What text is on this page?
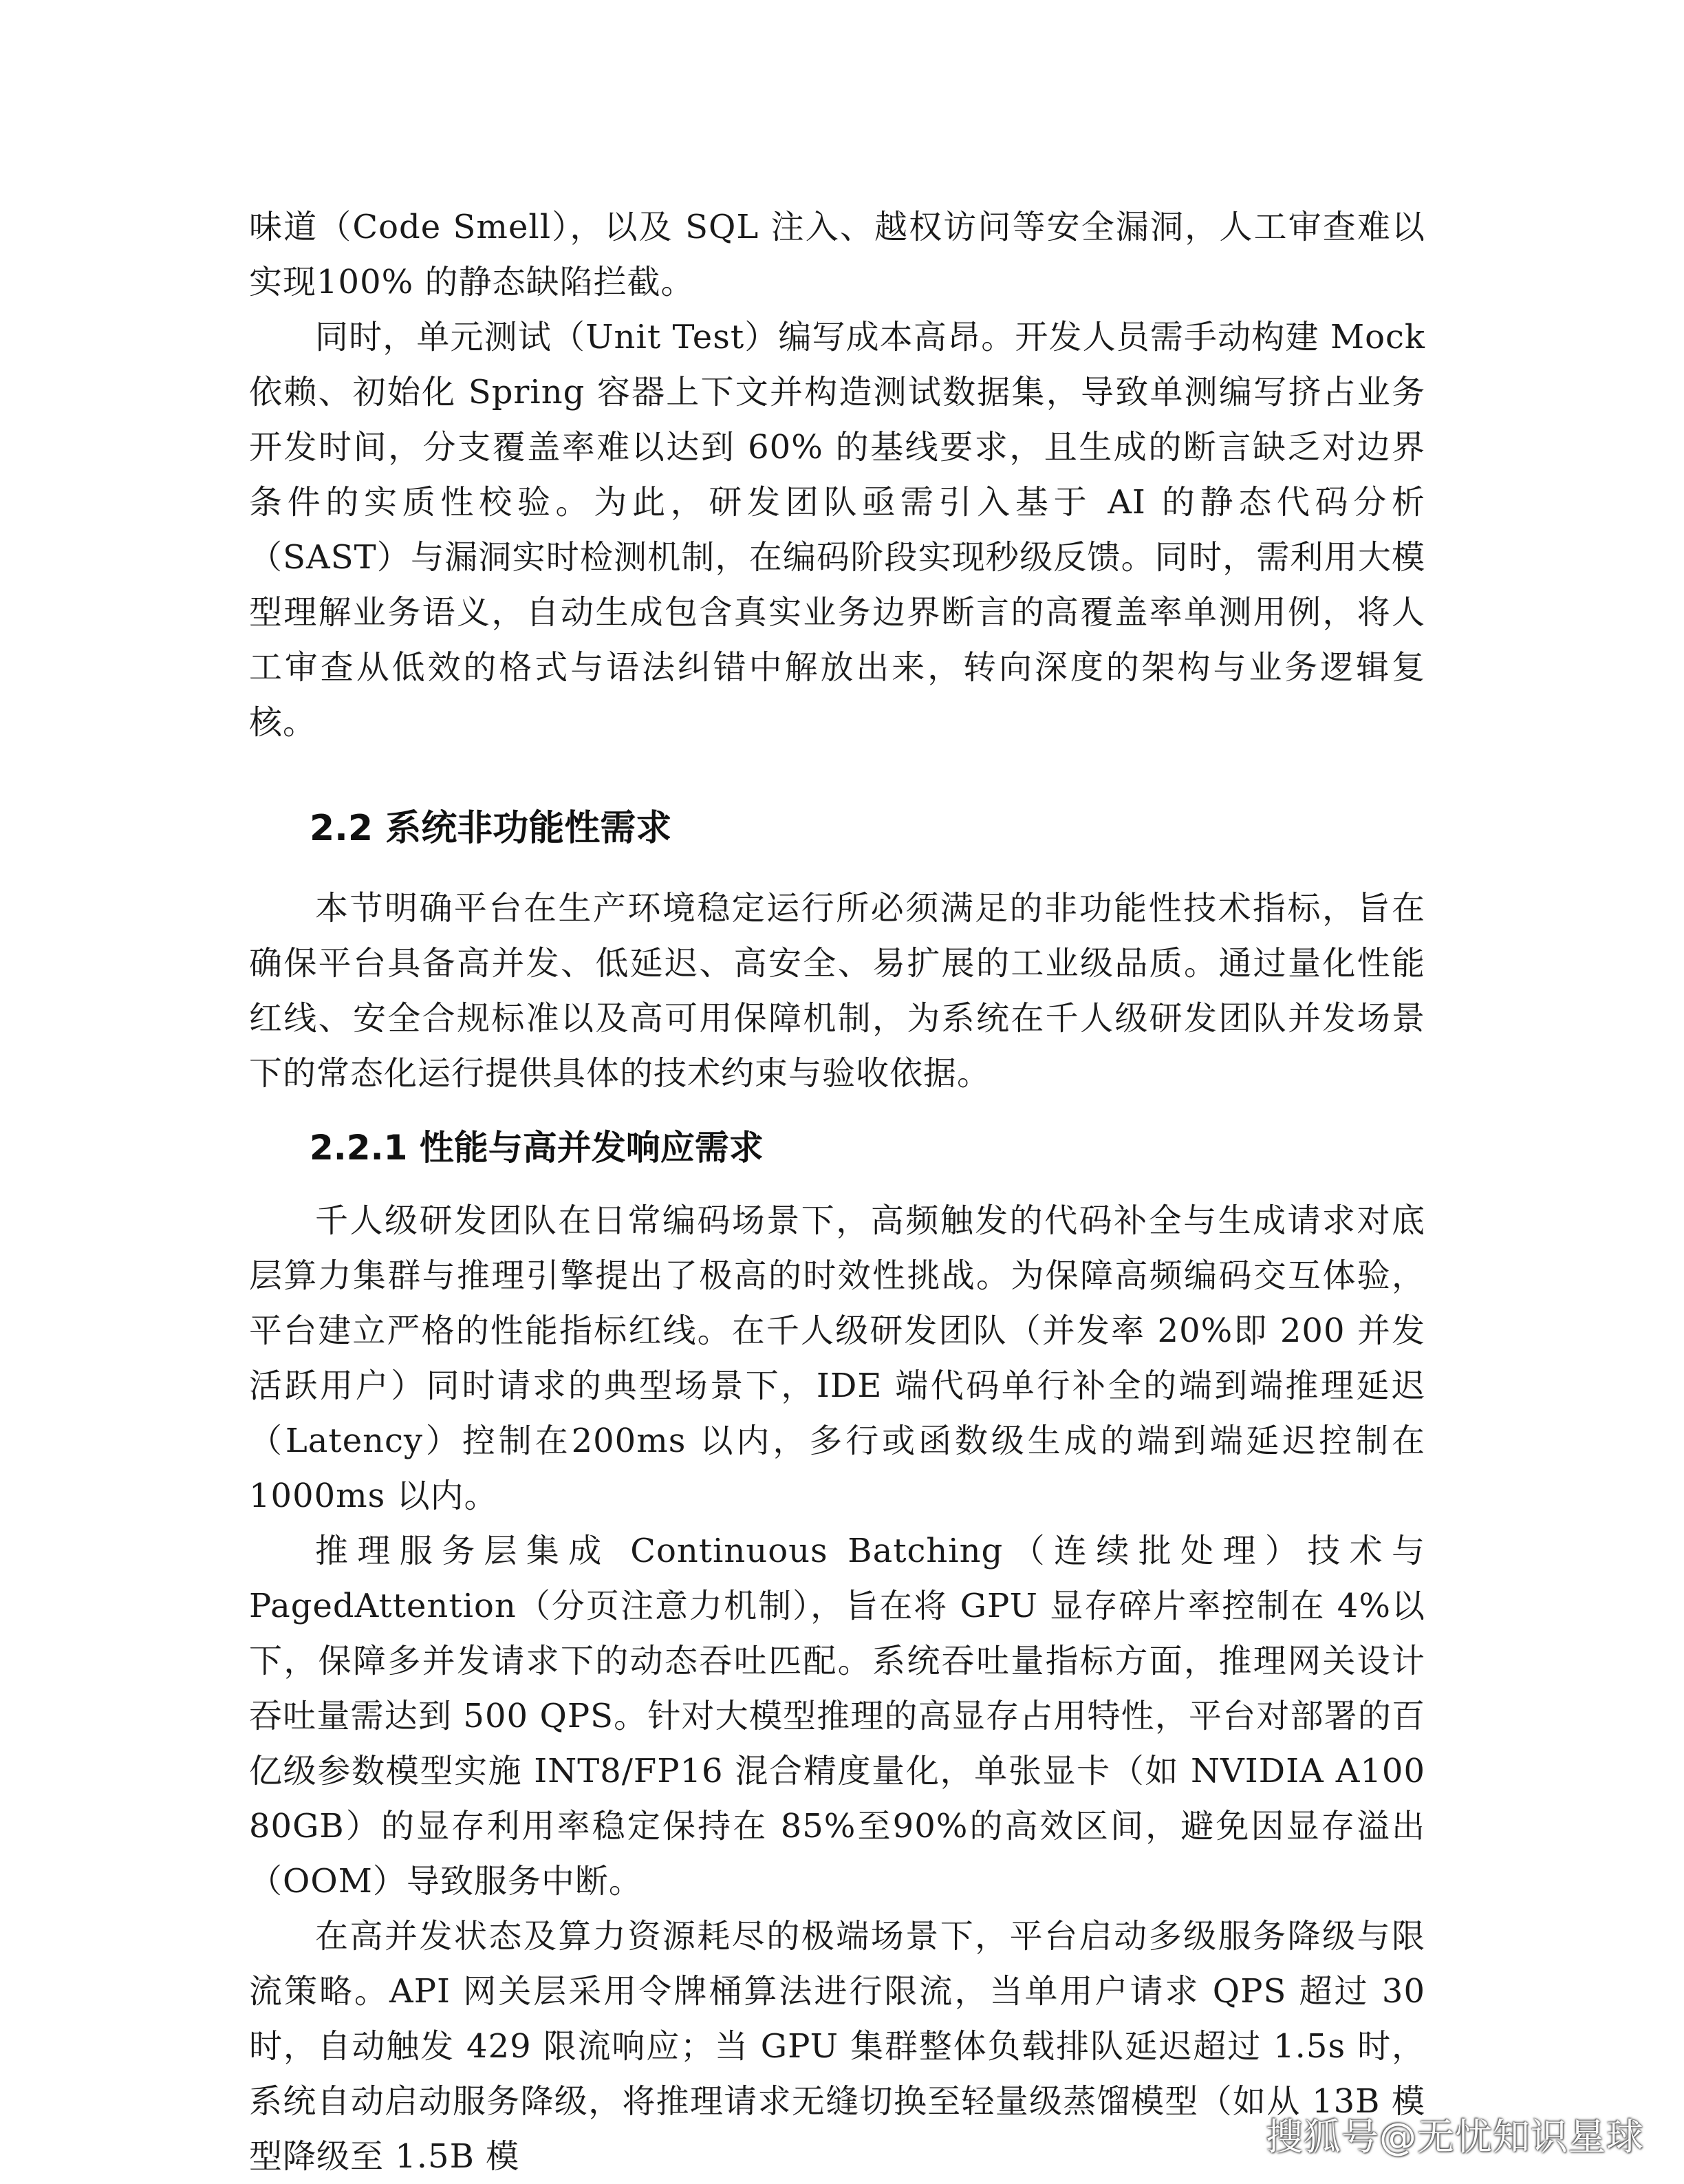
味道（Code Smell），以及 SQL 注入、越权访问等安全漏洞，人工审查难以实现100% 的静态缺陷拦截。

同时，单元测试（Unit Test）编写成本高昂。开发人员需手动构建 Mock 依赖、初始化 Spring 容器上下文并构造测试数据集，导致单测编写挤占业务开发时间，分支覆盖率难以达到 60% 的基线要求，且生成的断言缺乏对边界条件的实质性校验。为此，研发团队亟需引入基于 AI 的静态代码分析（SAST）与漏洞实时检测机制，在编码阶段实现秒级反馈。同时，需利用大模型理解业务语义，自动生成包含真实业务边界断言的高覆盖率单测用例，将人工审查从低效的格式与语法纠错中解放出来，转向深度的架构与业务逻辑复核。

2.2 系统非功能性需求

本节明确平台在生产环境稳定运行所必须满足的非功能性技术指标，旨在确保平台具备高并发、低延迟、高安全、易扩展的工业级品质。通过量化性能红线、安全合规标准以及高可用保障机制，为系统在千人级研发团队并发场景下的常态化运行提供具体的技术约束与验收依据。

2.2.1 性能与高并发响应需求

千人级研发团队在日常编码场景下，高频触发的代码补全与生成请求对底层算力集群与推理引擎提出了极高的时效性挑战。为保障高频编码交互体验，平台建立严格的性能指标红线。在千人级研发团队（并发率 20%即 200 并发活跃用户）同时请求的典型场景下，IDE 端代码单行补全的端到端推理延迟（Latency）控制在200ms 以内，多行或函数级生成的端到端延迟控制在 1000ms 以内。

推理服务层集成 Continuous Batching（连续批处理）技术与 PagedAttention（分页注意力机制），旨在将 GPU 显存碎片率控制在 4%以下，保障多并发请求下的动态吞吐匹配。系统吞吐量指标方面，推理网关设计吞吐量需达到 500 QPS。针对大模型推理的高显存占用特性，平台对部署的百亿级参数模型实施 INT8/FP16 混合精度量化，单张显卡（如 NVIDIA A100 80GB）的显存利用率稳定保持在 85%至90%的高效区间，避免因显存溢出（OOM）导致服务中断。

在高并发状态及算力资源耗尽的极端场景下，平台启动多级服务降级与限流策略。API 网关层采用令牌桶算法进行限流，当单用户请求 QPS 超过 30 时，自动触发 429 限流响应；当 GPU 集群整体负载排队延迟超过 1.5s 时，系统自动启动服务降级，将推理请求无缝切换至轻量级蒸馏模型（如从 13B 模型降级至 1.5B 模	搜狐号@无忧知识星球
